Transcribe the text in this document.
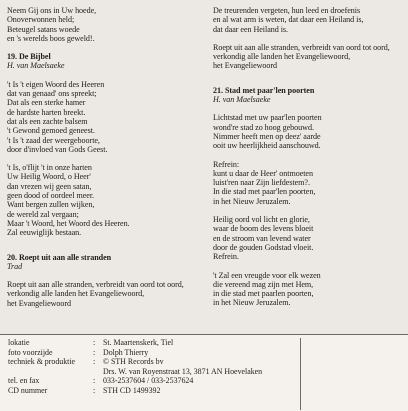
Neem Gij ons in Uw hoede,
Onoverwonnen held;
Beteugel satans woede
en 's werelds boos geweld!.
19. De Bijbel
H. van Maelsaeke
't Is 't eigen Woord des Heeren
dat van genaad' ons spreekt;
Dat als een sterke hamer
de hardste harten breekt.
dat als een zachte balsem
't Gewond gemoed geneest.
't Is 't zaad der weergeboorte,
door d'invloed van Gods Geest.
't Is, o'flijt 't in onze harten
Uw Heilig Woord, o Heer'
dan vrezen wij geen satan,
geen dood of oordeel meer.
Want bergen zullen wijken,
de wereld zal vergaan;
Maar 't Woord, het Woord des Heeren.
Zal eeuwiglijk bestaan.
20. Roept uit aan alle stranden
Trad
Roept uit aan alle stranden, verbreidt van oord tot oord,
verkondig alle landen het Evangeliewoord,
het Evangeliewoord
De treurenden vergeten, hun leed en droefenis
en al wat arm is weten, dat daar een Heiland is,
dat daar een Heiland is.
Roept uit aan alle stranden, verbreidt van oord tot oord,
verkondig alle landen het Evangeliewoord,
het Evangeliewoord
21. Stad met paar'len poorten
H. van Maelsaeke
Lichtstad met uw paar'len poorten
wond're stad zo hoog gebouwd.
Nimmer heeft men op deez' aarde
ooit uw heerlijkheid aanschouwd.
Refrein:
kunt u daar de Heer' ontmoeten
luist'ren naar Zijn liefdestem?.
In die stad met paar'len poorten,
in het Nieuw Jeruzalem.
Heilig oord vol licht en glorie,
waar de boom des levens bloeit
en de stroom van levend water
door de gouden Godstad vloeit.
Refrein.
't Zal een vreugde voor elk wezen
die vereend mag zijn met Hem,
in die stad met paarlen poorten,
in het Nieuw Jeruzalem.
lokatie	: St. Maartenskerk, Tiel
foto voorzijde	: Dolph Thierry
techniek & produktie : © STH Records bv
Drs. W. van Royenstraat 13, 3871 AN Hoevelaken
tel. en fax	: 033-2537604 / 033-2537624
CD nummer	: STH CD 1499392
